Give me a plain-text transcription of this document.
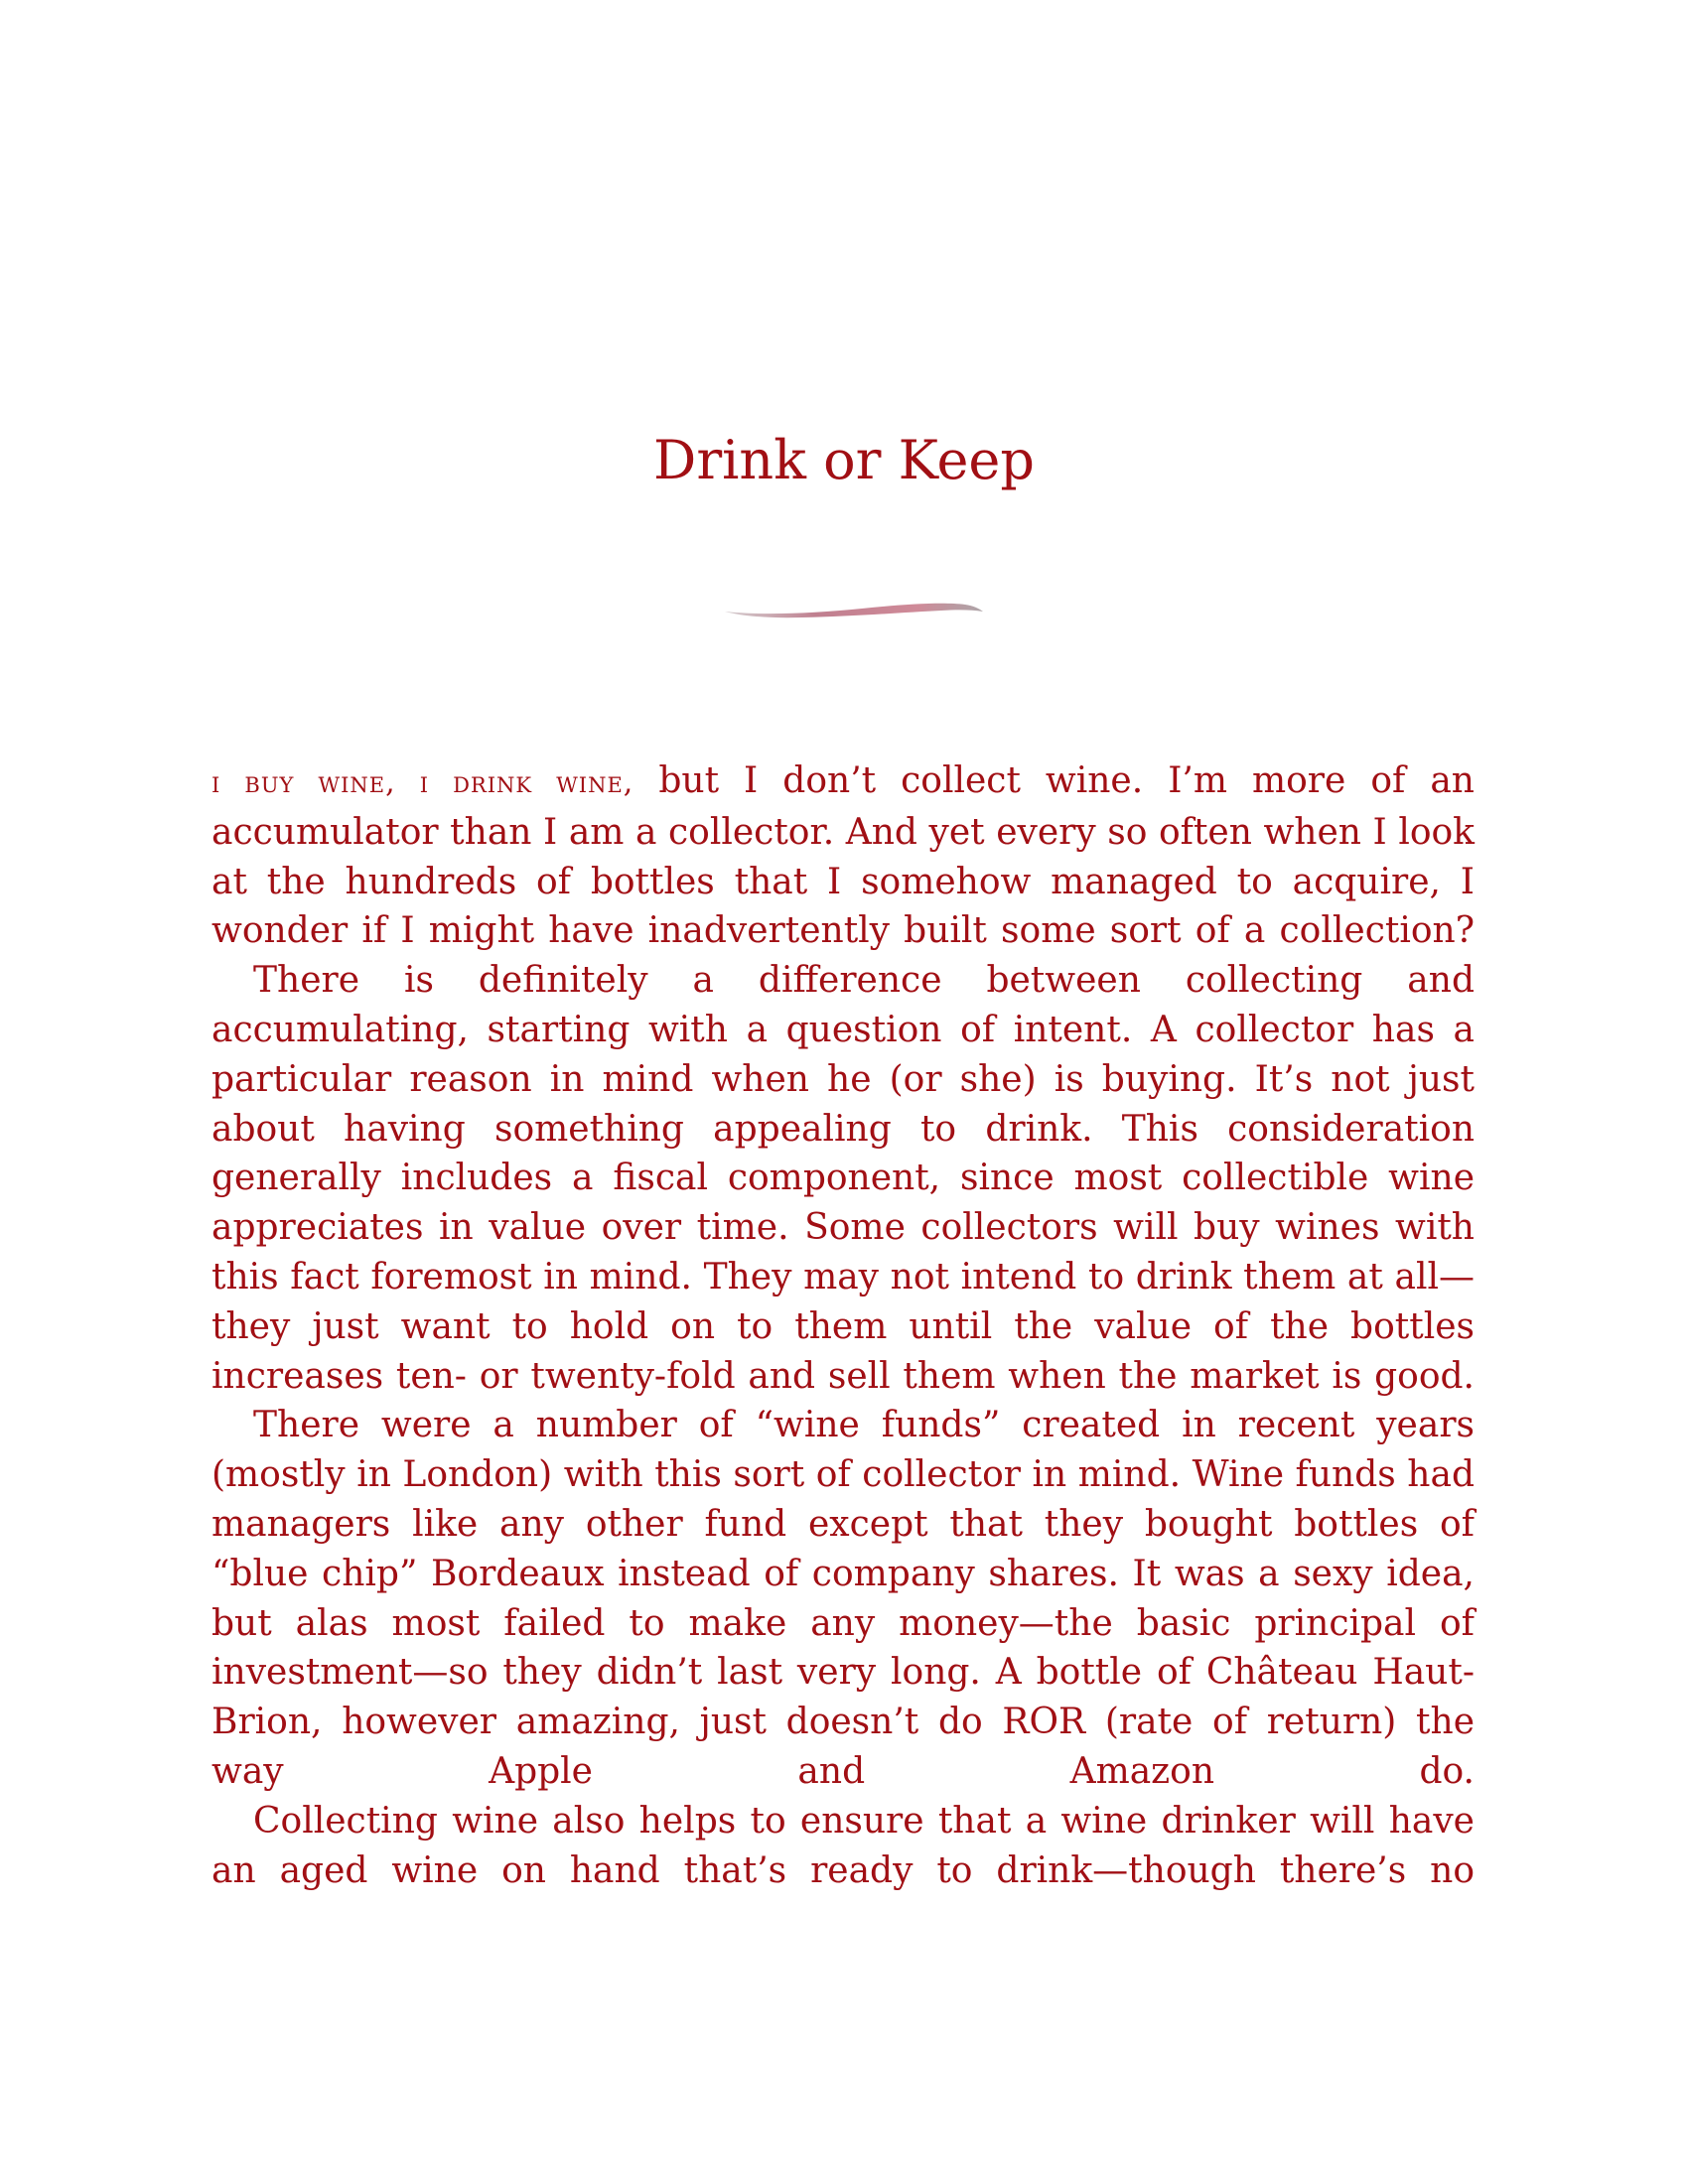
Drink or Keep

i buy wine, i drink wine, but I don’t collect wine. I’m more of an accumulator than I am a collector. And yet every so often when I look at the hundreds of bottles that I somehow managed to acquire, I wonder if I might have inadvertently built some sort of a collection?

There is definitely a difference between collecting and accumulating, starting with a question of intent. A collector has a particular reason in mind when he (or she) is buying. It’s not just about having something appealing to drink. This consideration generally includes a fiscal component, since most collectible wine appreciates in value over time. Some collectors will buy wines with this fact foremost in mind. They may not intend to drink them at all—they just want to hold on to them until the value of the bottles increases ten- or twenty-fold and sell them when the market is good.

There were a number of “wine funds” created in recent years (mostly in London) with this sort of collector in mind. Wine funds had managers like any other fund except that they bought bottles of “blue chip” Bordeaux instead of company shares. It was a sexy idea, but alas most failed to make any money—the basic principal of investment—so they didn’t last very long. A bottle of Château Haut-Brion, however amazing, just doesn’t do ROR (rate of return) the way Apple and Amazon do.

Collecting wine also helps to ensure that a wine drinker will have an aged wine on hand that’s ready to drink—though there’s no
